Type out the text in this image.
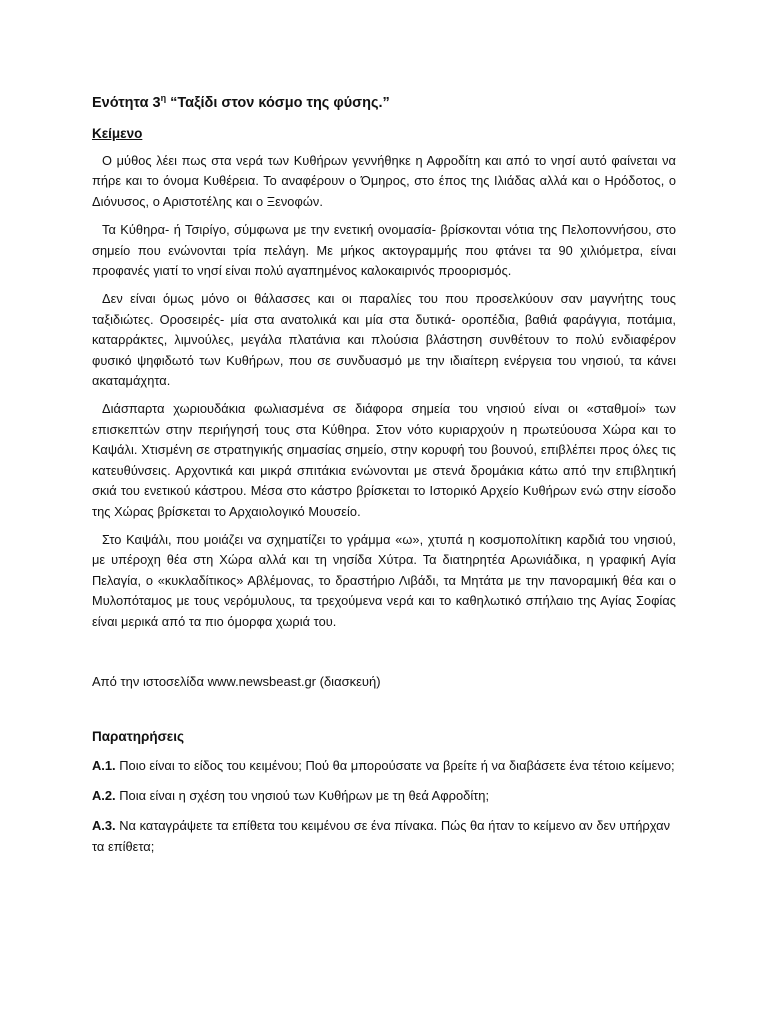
Ενότητα $3^\eta$ “Ταξίδι στον κόσμο της φύσης.”
Κείμενο

Ο μύθος λέει πως στα νερά των Κυθήρων γεννήθηκε η Αφροδίτη και από το νησί αυτό φαίνεται να πήρε και το όνομα Κυθέρεια. Το αναφέρουν ο Όμηρος, στο έπος της Ιλιάδας αλλά και ο Ηρόδοτος, ο Διόνυσος, ο Αριστοτέλης και ο Ξενοφών.

Τα Κύθηρα- ή Τσιρίγο, σύμφωνα με την ενετική ονομασία- βρίσκονται νότια της Πελοποννήσου, στο σημείο που ενώνονται τρία πελάγη. Με μήκος ακτογραμμής που φτάνει τα 90 χιλιόμετρα, είναι προφανές γιατί το νησί είναι πολύ αγαπημένος καλοκαιρινός προορισμός.

Δεν είναι όμως μόνο οι θάλασσες και οι παραλίες του που προσελκύουν σαν μαγνήτης τους ταξιδιώτες. Οροσειρές- μία στα ανατολικά και μία στα δυτικά- οροπέδια, βαθιά φαράγγια, ποτάμια, καταρράκτες, λιμνούλες, μεγάλα πλατάνια και πλούσια βλάστηση συνθέτουν το πολύ ενδιαφέρον φυσικό ψηφιδωτό των Κυθήρων, που σε συνδυασμό με την ιδιαίτερη ενέργεια του νησιού, τα κάνει ακαταμάχητα.

Διάσπαρτα χωριουδάκια φωλιασμένα σε διάφορα σημεία του νησιού είναι οι «σταθμοί» των επισκεπτών στην περιήγησή τους στα Κύθηρα. Στον νότο κυριαρχούν η πρωτεύουσα Χώρα και το Καψάλι. Χτισμένη σε στρατηγικής σημασίας σημείο, στην κορυφή του βουνού, επιβλέπει προς όλες τις κατευθύνσεις. Αρχοντικά και μικρά σπιτάκια ενώνονται με στενά δρομάκια κάτω από την επιβλητική σκιά του ενετικού κάστρου. Μέσα στο κάστρο βρίσκεται το Ιστορικό Αρχείο Κυθήρων ενώ στην είσοδο της Χώρας βρίσκεται το Αρχαιολογικό Μουσείο.

Στο Καψάλι, που μοιάζει να σχηματίζει το γράμμα «ω», χτυπά η κοσμοπολίτικη καρδιά του νησιού, με υπέροχη θέα στη Χώρα αλλά και τη νησίδα Χύτρα. Τα διατηρητέα Αρωνιάδικα, η γραφική Αγία Πελαγία, ο «κυκλαδίτικος» Αβλέμονας, το δραστήριο Λιβάδι, τα Μητάτα με την πανοραμική θέα και ο Μυλοπόταμος με τους νερόμυλους, τα τρεχούμενα νερά και το καθηλωτικό σπήλαιο της Αγίας Σοφίας είναι μερικά από τα πιο όμορφα χωριά του.

Από την ιστοσελίδα www.newsbeast.gr (διασκευή)
Παρατηρήσεις
Α.1. Ποιο είναι το είδος του κειμένου; Πού θα μπορούσατε να βρείτε ή να διαβάσετε ένα τέτοιο κείμενο;
Α.2. Ποια είναι η σχέση του νησιού των Κυθήρων με τη θεά Αφροδίτη;
Α.3. Να καταγράψετε τα επίθετα του κειμένου σε ένα πίνακα. Πώς θα ήταν το κείμενο αν δεν υπήρχαν τα επίθετα;
